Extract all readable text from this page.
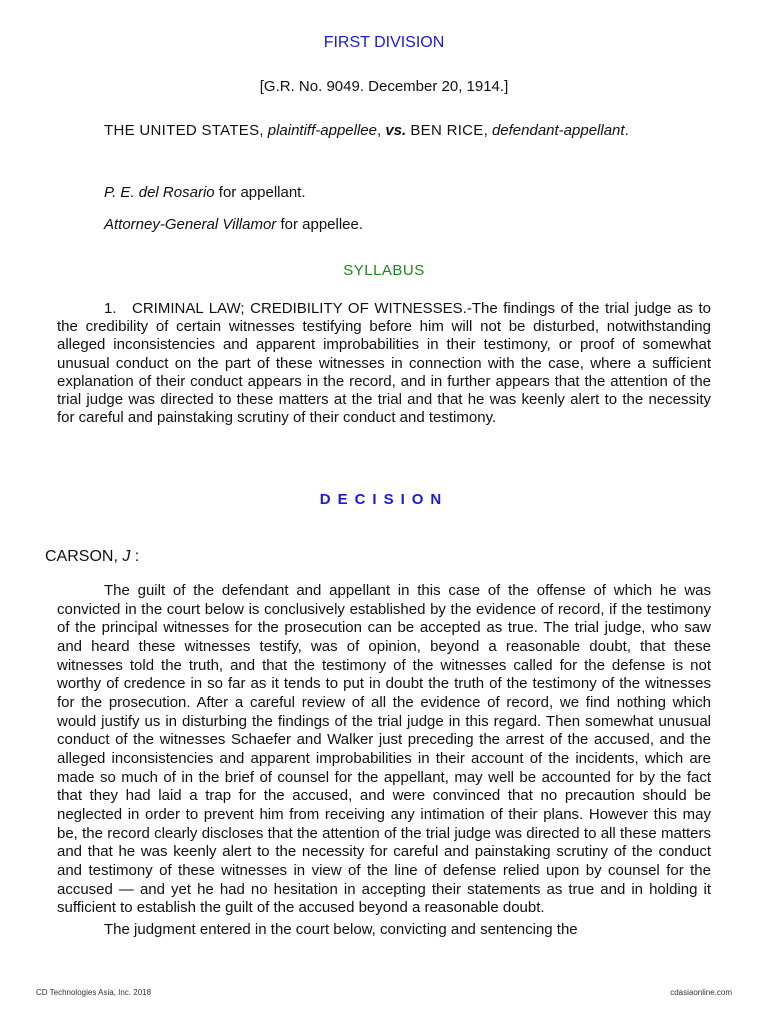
FIRST DIVISION
[G.R. No. 9049. December 20, 1914.]
THE UNITED STATES, plaintiff-appellee, vs. BEN RICE, defendant-appellant.
P. E. del Rosario for appellant.
Attorney-General Villamor for appellee.
SYLLABUS
1. CRIMINAL LAW; CREDIBILITY OF WITNESSES.-The findings of the trial judge as to the credibility of certain witnesses testifying before him will not be disturbed, notwithstanding alleged inconsistencies and apparent improbabilities in their testimony, or proof of somewhat unusual conduct on the part of these witnesses in connection with the case, where a sufficient explanation of their conduct appears in the record, and in further appears that the attention of the trial judge was directed to these matters at the trial and that he was keenly alert to the necessity for careful and painstaking scrutiny of their conduct and testimony.
DECISION
CARSON, J :

The guilt of the defendant and appellant in this case of the offense of which he was convicted in the court below is conclusively established by the evidence of record, if the testimony of the principal witnesses for the prosecution can be accepted as true. The trial judge, who saw and heard these witnesses testify, was of opinion, beyond a reasonable doubt, that these witnesses told the truth, and that the testimony of the witnesses called for the defense is not worthy of credence in so far as it tends to put in doubt the truth of the testimony of the witnesses for the prosecution. After a careful review of all the evidence of record, we find nothing which would justify us in disturbing the findings of the trial judge in this regard. Then somewhat unusual conduct of the witnesses Schaefer and Walker just preceding the arrest of the accused, and the alleged inconsistencies and apparent improbabilities in their account of the incidents, which are made so much of in the brief of counsel for the appellant, may well be accounted for by the fact that they had laid a trap for the accused, and were convinced that no precaution should be neglected in order to prevent him from receiving any intimation of their plans. However this may be, the record clearly discloses that the attention of the trial judge was directed to all these matters and that he was keenly alert to the necessity for careful and painstaking scrutiny of the conduct and testimony of these witnesses in view of the line of defense relied upon by counsel for the accused — and yet he had no hesitation in accepting their statements as true and in holding it sufficient to establish the guilt of the accused beyond a reasonable doubt.

The judgment entered in the court below, convicting and sentencing the

CD Technologies Asia, Inc. 2018	cdasiaonline.com
